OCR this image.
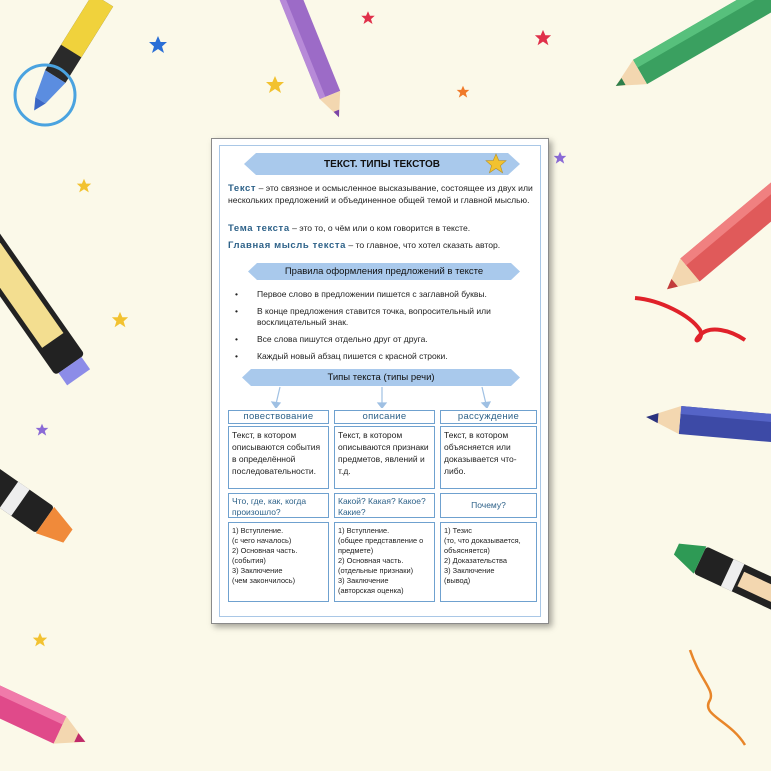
ТЕКСТ. ТИПЫ ТЕКСТОВ
Текст – это связное и осмысленное высказывание, состоящее из двух или нескольких предложений и объединенное общей темой и главной мыслью.
Тема текста – это то, о чём или о ком говорится в тексте.
Главная мысль текста – то главное, что хотел сказать автор.
Правила оформления предложений в тексте
• Первое слово в предложении пишется с заглавной буквы.
• В конце предложения ставится точка, вопросительный или восклицательный знак.
• Все слова пишутся отдельно друг от друга.
• Каждый новый абзац пишется с красной строки.
Типы текста (типы речи)
повествование	описание	рассуждение
Текст, в котором описываются события в определённой последовательности.
Текст, в котором описываются признаки предметов, явлений и т.д.
Текст, в котором объясняется или доказывается что-либо.
Что, где, как, когда произошло?
Какой? Какая? Какое? Какие?
Почему?
1) Вступление.
(с чего началось)
2) Основная часть.
(события)
3) Заключение
(чем закончилось)
1) Вступление.
(общее представление о предмете)
2) Основная часть.
(отдельные признаки)
3) Заключение
(авторская оценка)
1) Тезис
(то, что доказывается, объясняется)
2) Доказательства
3) Заключение
(вывод)
